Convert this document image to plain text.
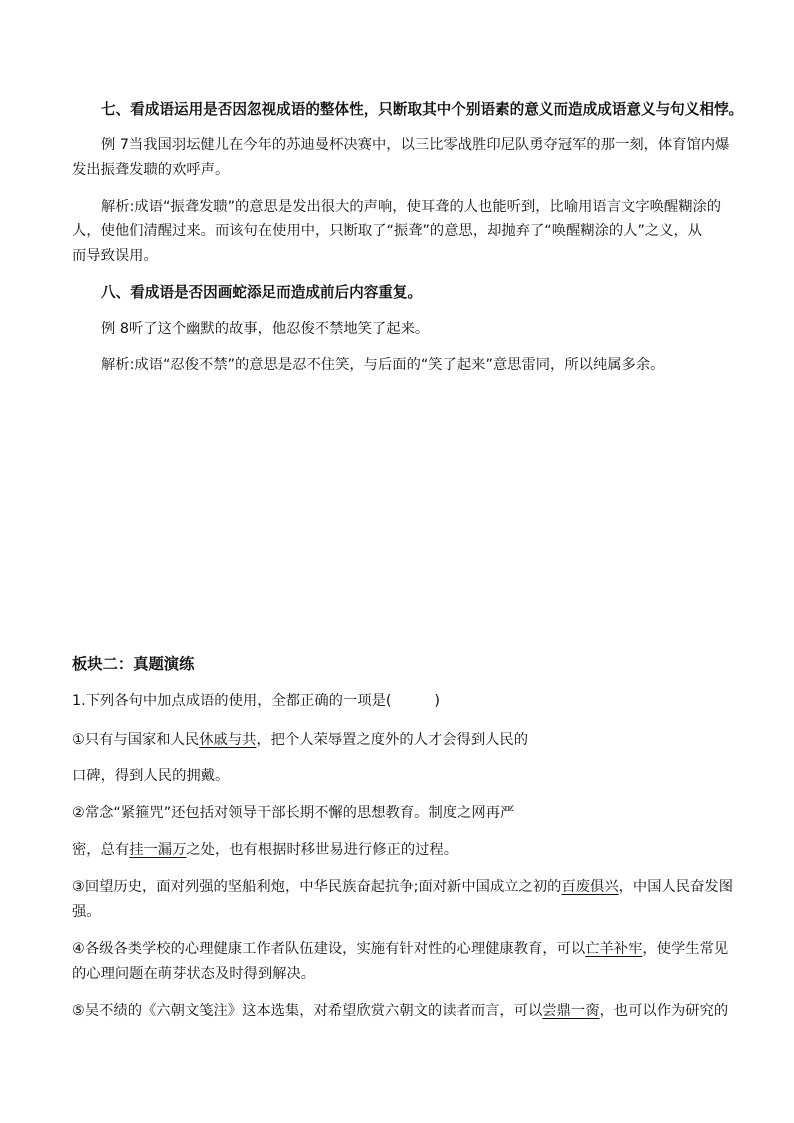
七、看成语运用是否因忽视成语的整体性，只断取其中个别语素的意义而造成成语意义与句义相悖。
例 7当我国羽坛健儿在今年的苏迪曼杯决赛中，以三比零战胜印尼队勇夺冠军的那一刻，体育馆内爆
发出振聋发聩的欢呼声。
解析:成语“振聋发聩”的意思是发出很大的声响，使耳聋的人也能听到，比喻用语言文字唤醒糊涂的
人，使他们清醒过来。而该句在使用中，只断取了“振聋”的意思，却抛弃了“唤醒糊涂的人”之义，从
而导致误用。
八、看成语是否因画蛇添足而造成前后内容重复。
例 8听了这个幽默的故事，他忍俊不禁地笑了起来。
解析:成语“忍俊不禁”的意思是忍不住笑，与后面的“笑了起来”意思雷同，所以纯属多余。
板块二：真题演练
1.下列各句中加点成语的使用，全都正确的一项是(　　　)
①只有与国家和人民休戚与共，把个人荣辱置之度外的人才会得到人民的
口碑，得到人民的拥戴。
②常念“紧箍咒”还包括对领导干部长期不懈的思想教育。制度之网再严
密，总有挂一漏万之处，也有根据时移世易进行修正的过程。
③回望历史，面对列强的坚船利炮，中华民族奋起抗争;面对新中国成立之初的百废俱兴，中国人民奋发图
强。
④各级各类学校的心理健康工作者队伍建设，实施有针对性的心理健康教育，可以亡羊补牢，使学生常见
的心理问题在萌芽状态及时得到解决。
⑤吴不绩的《六朝文笺注》这本选集，对希望欣赏六朝文的读者而言，可以尝鼎一脔，也可以作为研究的
